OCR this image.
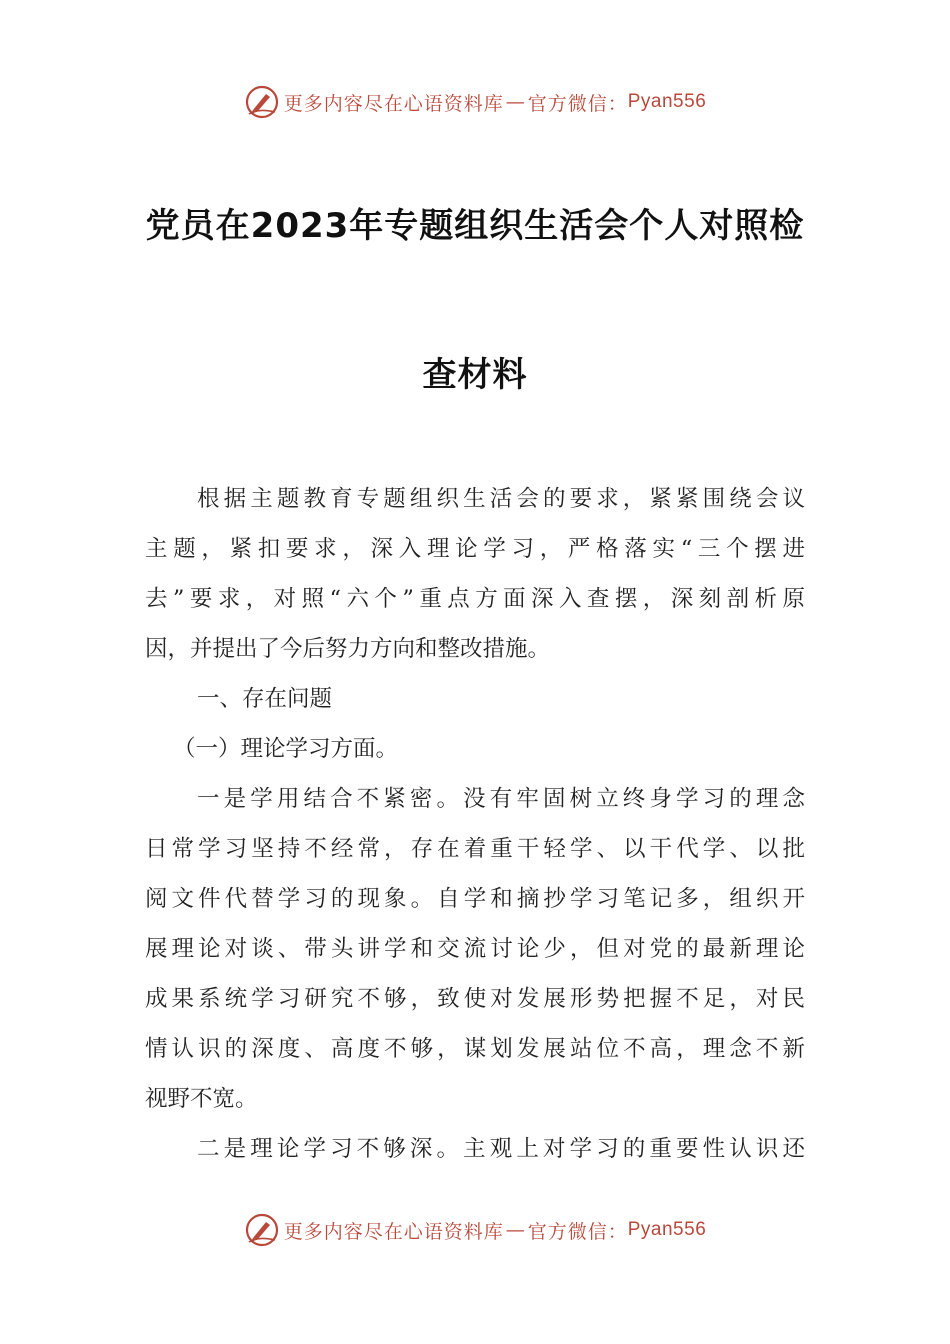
更多内容尽在心语资料库 — 官方微信： Pyan556
党员在2023年专题组织生活会个人对照检
查材料
根据主题教育专题组织生活会的要求，紧紧围绕会议
主题，紧扣要求，深入理论学习，严格落实“三个摆进
去”要求，对照“六个”重点方面深入查摆，深刻剖析原
因，并提出了今后努力方向和整改措施。
一、存在问题
（一）理论学习方面。
一是学用结合不紧密。没有牢固树立终身学习的理念
日常学习坚持不经常，存在着重干轻学、以干代学、以批
阅文件代替学习的现象。自学和摘抄学习笔记多，组织开
展理论对谈、带头讲学和交流讨论少，但对党的最新理论
成果系统学习研究不够，致使对发展形势把握不足，对民
情认识的深度、高度不够，谋划发展站位不高，理念不新
视野不宽。
二是理论学习不够深。主观上对学习的重要性认识还
更多内容尽在心语资料库 — 官方微信： Pyan556
